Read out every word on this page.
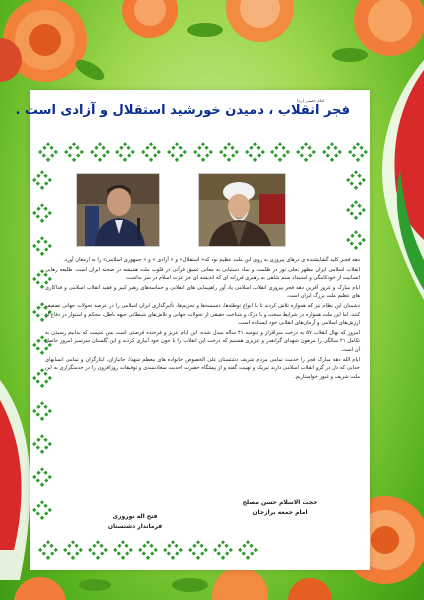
امام خمینی (ره)
فجر انقلاب ، دمیدن خورشید استقلال و آزادی است .

دهه فجـر کلید گشایشنده ی درهای پیروزی به روی این ملت عظیم بود که« استقلال» و « آزادی » و « جمهوری اسلامی» را به ارمغان آورد.

انقلاب اسلامی ایران مظهر تجلی نور در ظلمت و نماد دستیابی به معانی عمیق قرآنی در قلوب ملت همیشه در صحنه ایران است. طلیعه رهایی انسانیت از خودکامگی و استبداد ستم شاهی به رهبری فرزانه ای که اندیشه ای جز عزت اسلام در سر نداشت.

ایام مبارک و غرور آفرین دهه فجر پیروزی انقلاب اسلامی یاد آور راهپیمایی های انقلابی و حماسه‌های رهبر کبیر و فقید انقلاب اسلامی و فداکاری های عظیم ملت بزرگ ایران است.

دشمنان این نظام نیز که همواره تلاش کردند تا با انواع توطئه‌ها، دسیسه‌ها و تحریم‌ها، تأثیرگذاری ایران اسلامی را در عرصه تحولات جهانی تضعیف کنند، اما این ملت همواره در شرایط سخت و با درک و شناخت حقیقی از تحولات جهانی و تلاش‌های شیطانی جبهه باطل، محکم و استوار در دفاع از ارزش‌های اسلامی و آرمان‌های انقلابی خود ایستاده است.

امروز که نهال انقلاب ۵۷ به درخت سرافراز و تنومند ۴۱ ساله مبدل شده، این ایام عزیز و فرخنده فرصتی است بس غنیمت که بدانیم رسیدن به تکامل ۴۱ سالگی را مرهون شهدای گرانقدر و عزیزی هستیم که درخت این انقلاب را با خون خود آبیاری کردند و این گلستان سرسبز امروز حاصل آن است.

ایام الله دهه مبارک فجر را خدمت تمامی مردم شریف دشتستان علی الخصوص خانواده های معظم شهدا، جانبازان، ایثارگران و تمامی انسانهای خدایی که دل در گرو انقلاب اسلامی دارند تبریک و تهنیت گفته و از پیشگاه حضرت احدیت سعادتمندی و توفیقات روزافزون را در خدمتگزاری به این ملت شریف و غیور خواستاریم.

حجت الاسلام حسن مصلح
امام جمعه برازجان
فتح اله نوروزی
فرماندار دشتستان
